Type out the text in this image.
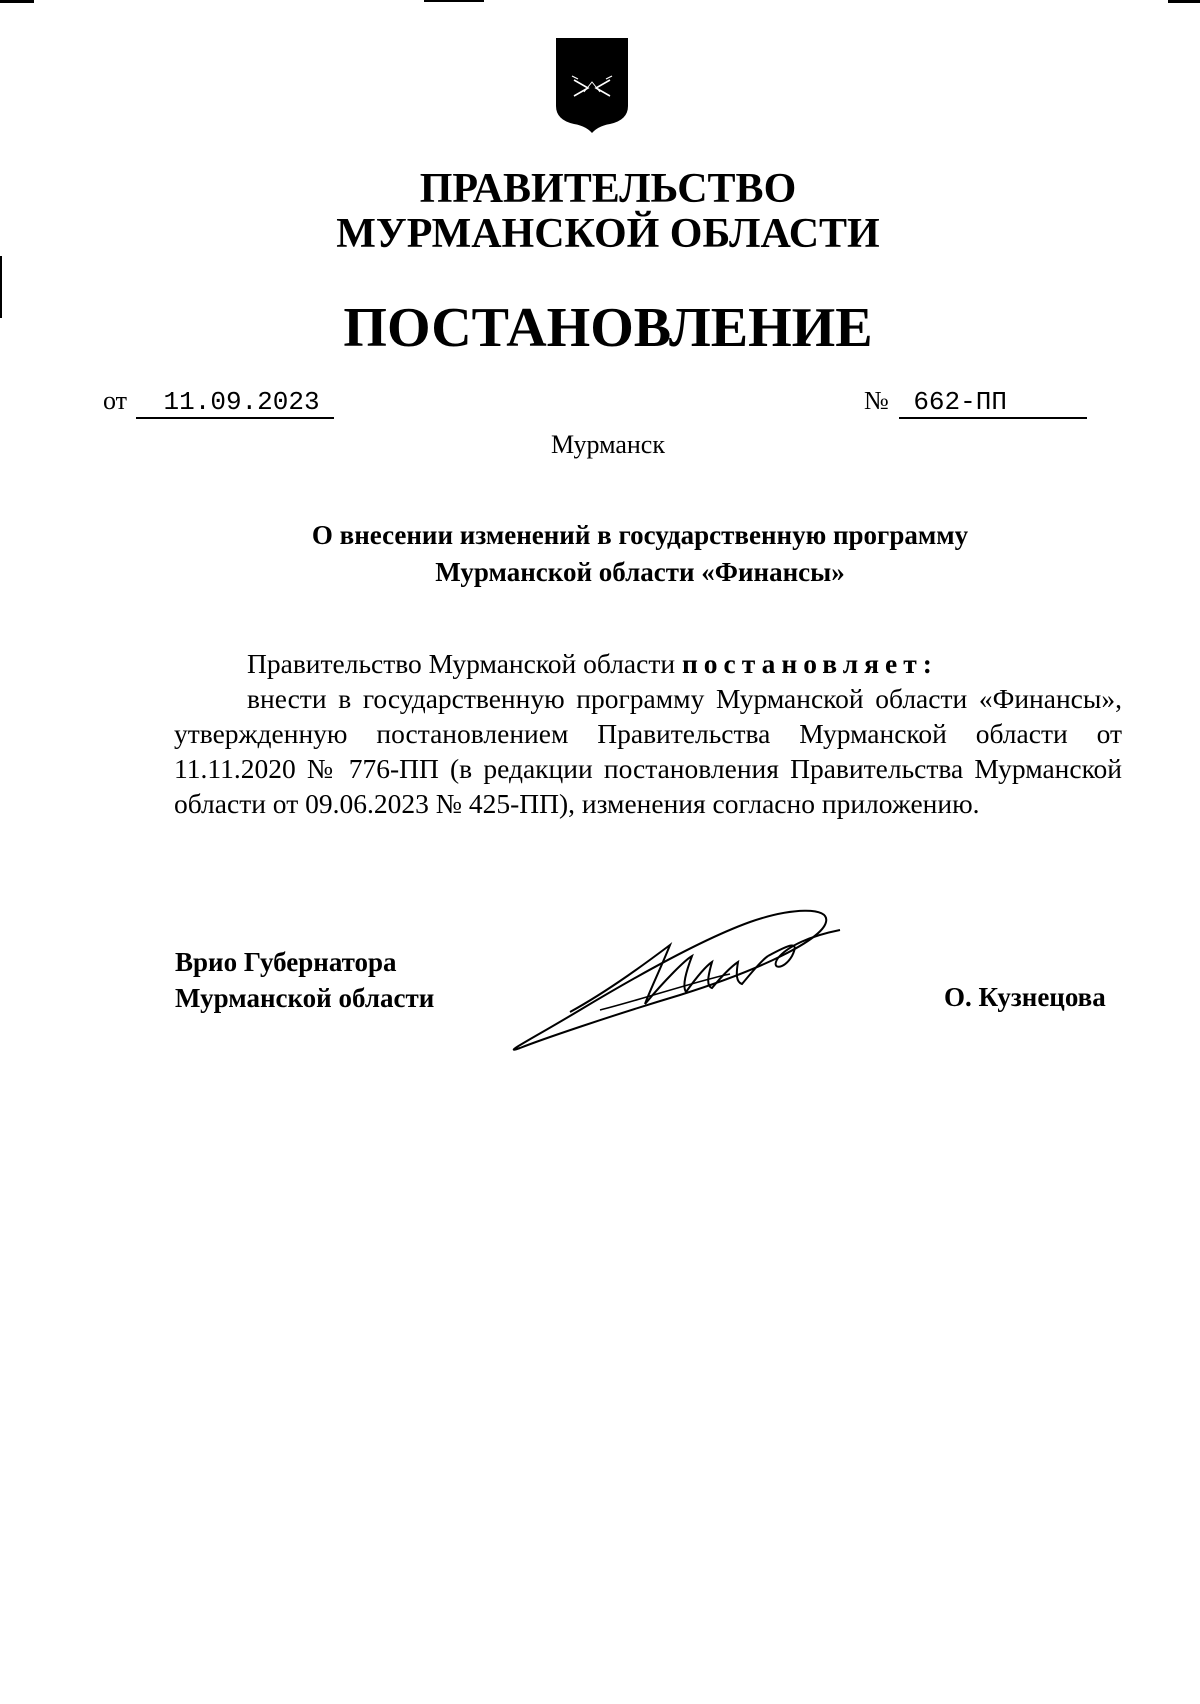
ПРАВИТЕЛЬСТВО
МУРМАНСКОЙ ОБЛАСТИ
ПОСТАНОВЛЕНИЕ
от 11.09.2023	№ 662-ПП
Мурманск
О внесении изменений в государственную программу
Мурманской области «Финансы»

Правительство Мурманской области постановляет:

внести в государственную программу Мурманской области «Финансы», утвержденную постановлением Правительства Мурманской области от 11.11.2020 № 776-ПП (в редакции постановления Правительства Мурманской области от 09.06.2023 № 425-ПП), изменения согласно приложению.

Врио Губернатора
Мурманской области	О. Кузнецова
